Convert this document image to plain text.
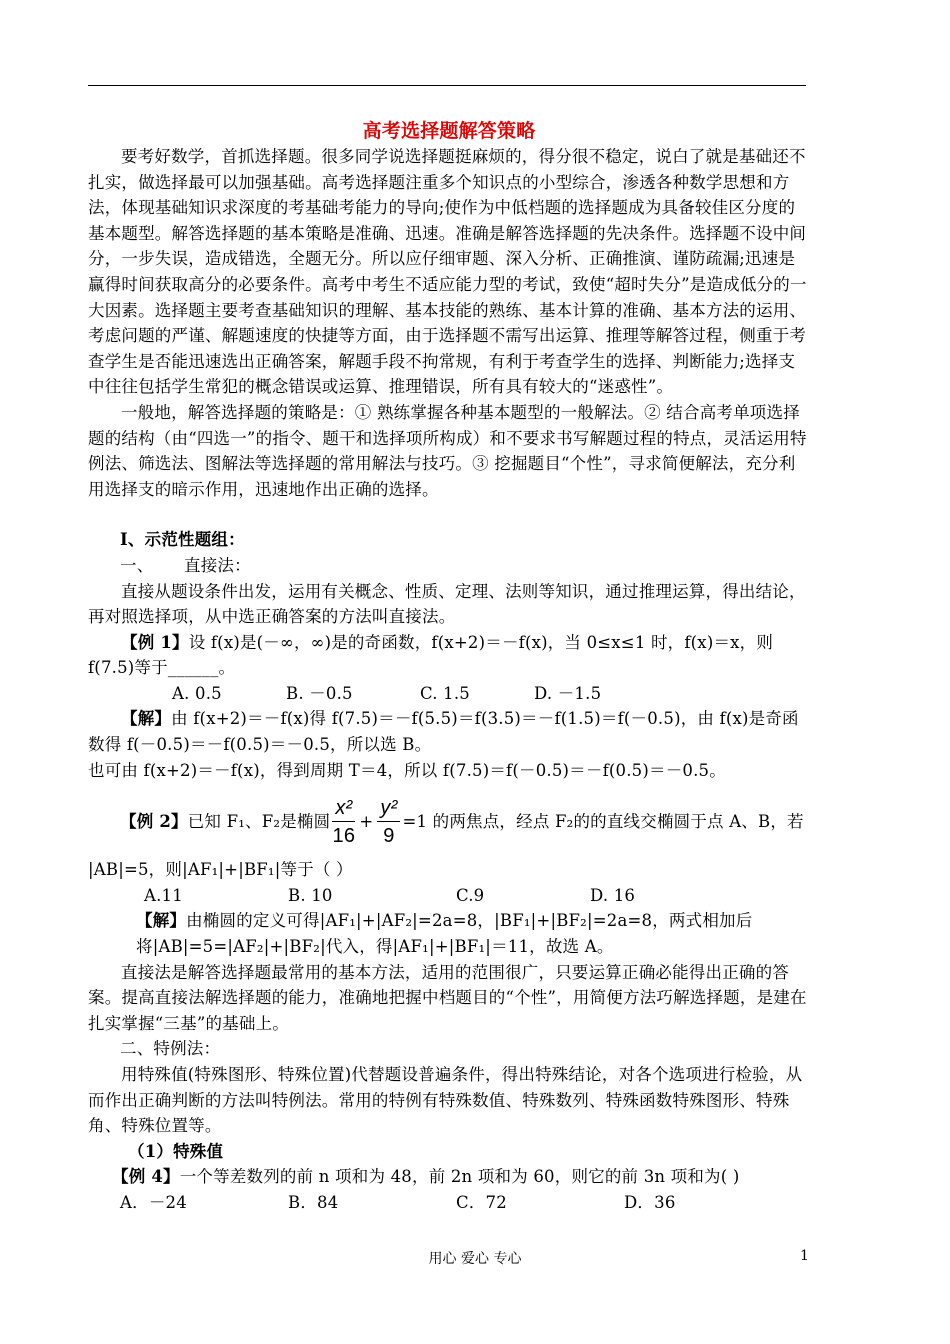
高考选择题解答策略

要考好数学，首抓选择题。很多同学说选择题挺麻烦的，得分很不稳定，说白了就是基础还不扎实，做选择最可以加强基础。高考选择题注重多个知识点的小型综合，渗透各种数学思想和方法，体现基础知识求深度的考基础考能力的导向;使作为中低档题的选择题成为具备较佳区分度的基本题型。解答选择题的基本策略是准确、迅速。准确是解答选择题的先决条件。选择题不设中间分，一步失误，造成错选，全题无分。所以应仔细审题、深入分析、正确推演、谨防疏漏;迅速是赢得时间获取高分的必要条件。高考中考生不适应能力型的考试，致使“超时失分”是造成低分的一大因素。选择题主要考查基础知识的理解、基本技能的熟练、基本计算的准确、基本方法的运用、考虑问题的严谨、解题速度的快捷等方面，由于选择题不需写出运算、推理等解答过程，侧重于考查学生是否能迅速选出正确答案，解题手段不拘常规，有利于考查学生的选择、判断能力;选择支中往往包括学生常犯的概念错误或运算、推理错误，所有具有较大的“迷惑性”。

一般地，解答选择题的策略是：① 熟练掌握各种基本题型的一般解法。② 结合高考单项选择题的结构（由“四选一”的指令、题干和选择项所构成）和不要求书写解题过程的特点，灵活运用特例法、筛选法、图解法等选择题的常用解法与技巧。③ 挖掘题目“个性”，寻求简便解法，充分利用选择支的暗示作用，迅速地作出正确的选择。

Ⅰ、示范性题组：

一、 直接法：

直接从题设条件出发，运用有关概念、性质、定理、法则等知识，通过推理运算，得出结论，再对照选择项，从中选正确答案的方法叫直接法。

【例 1】设 f(x)是(－∞，∞)是的奇函数，f(x+2)＝－f(x)，当 0≤x≤1 时，f(x)＝x，则 f(7.5)等于______。

A. 0.5	B. －0.5	C. 1.5	D. －1.5

【解】由 f(x+2)＝－f(x)得 f(7.5)＝－f(5.5)＝f(3.5)＝－f(1.5)＝f(－0.5)，由 f(x)是奇函数得 f(－0.5)＝－f(0.5)＝－0.5，所以选 B。

也可由 f(x+2)＝－f(x)，得到周期 T＝4，所以 f(7.5)＝f(－0.5)＝－f(0.5)＝－0.5。

【例 2】 已知 F₁、F₂是椭圆 $\frac{\text{x²}}{16} + \frac{\text{y²}}{9} =1$ 的两焦点，经点 F₂的的直线交椭圆于点 A、B，若

|AB|=5，则|AF₁|+|BF₁|等于（ ）

A.11	B. 10	C.9	D. 16

【解】由椭圆的定义可得|AF₁|+|AF₂|=2a=8，|BF₁|+|BF₂|=2a=8，两式相加后将|AB|=5=|AF₂|+|BF₂|代入，得|AF₁|+|BF₁|＝11，故选 A。

直接法是解答选择题最常用的基本方法，适用的范围很广，只要运算正确必能得出正确的答案。提高直接法解选择题的能力，准确地把握中档题目的“个性”，用简便方法巧解选择题，是建在扎实掌握“三基”的基础上。

二、特例法：

用特殊值(特殊图形、特殊位置)代替题设普遍条件，得出特殊结论，对各个选项进行检验，从而作出正确判断的方法叫特例法。常用的特例有特殊数值、特殊数列、特殊函数特殊图形、特殊角、特殊位置等。

（1）特殊值

【例 4】一个等差数列的前 n 项和为 48，前 2n 项和为 60，则它的前 3n 项和为( )

A．－24	B．84	C．72	D．36
用心 爱心 专心	1
